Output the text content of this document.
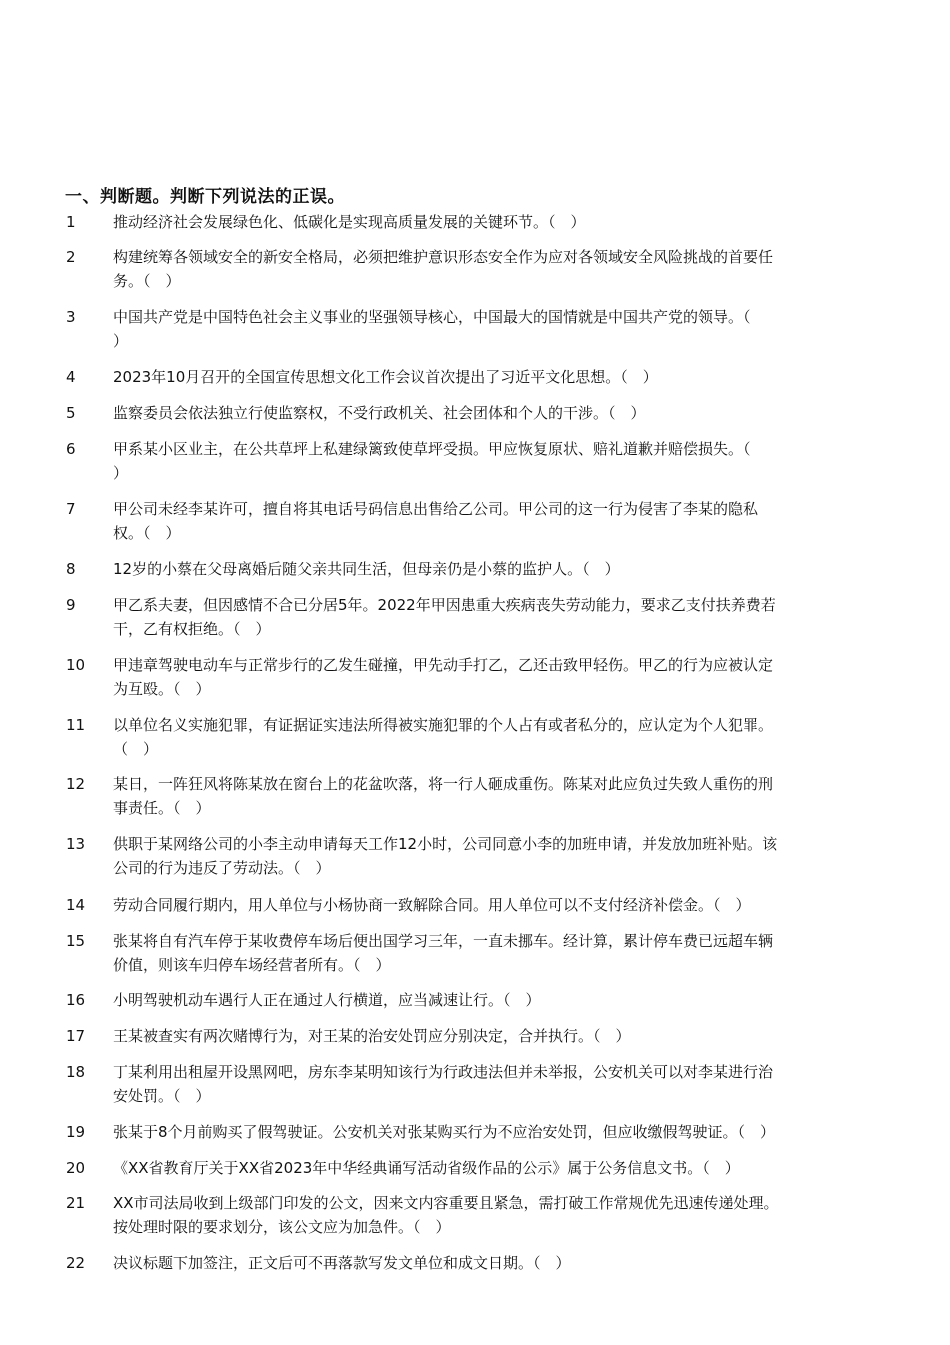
一、判断题。判断下列说法的正误。
1 推动经济社会发展绿色化、低碳化是实现高质量发展的关键环节。（　）
2 构建统筹各领域安全的新安全格局，必须把维护意识形态安全作为应对各领域安全风险挑战的首要任
务。（　）
3 中国共产党是中国特色社会主义事业的坚强领导核心，中国最大的国情就是中国共产党的领导。（
）
4 2023年10月召开的全国宣传思想文化工作会议首次提出了习近平文化思想。（　）
5 监察委员会依法独立行使监察权，不受行政机关、社会团体和个人的干涉。（　）
6 甲系某小区业主，在公共草坪上私建绿篱致使草坪受损。甲应恢复原状、赔礼道歉并赔偿损失。（
）
7 甲公司未经李某许可，擅自将其电话号码信息出售给乙公司。甲公司的这一行为侵害了李某的隐私
权。（　）
8 12岁的小蔡在父母离婚后随父亲共同生活，但母亲仍是小蔡的监护人。（　）
9 甲乙系夫妻，但因感情不合已分居5年。2022年甲因患重大疾病丧失劳动能力，要求乙支付扶养费若
干，乙有权拒绝。（　）
10 甲违章驾驶电动车与正常步行的乙发生碰撞，甲先动手打乙，乙还击致甲轻伤。甲乙的行为应被认定
为互殴。（　）
11 以单位名义实施犯罪，有证据证实违法所得被实施犯罪的个人占有或者私分的，应认定为个人犯罪。
（　）
12 某日，一阵狂风将陈某放在窗台上的花盆吹落，将一行人砸成重伤。陈某对此应负过失致人重伤的刑
事责任。（　）
13 供职于某网络公司的小李主动申请每天工作12小时，公司同意小李的加班申请，并发放加班补贴。该
公司的行为违反了劳动法。（　）
14 劳动合同履行期内，用人单位与小杨协商一致解除合同。用人单位可以不支付经济补偿金。（　）
15 张某将自有汽车停于某收费停车场后便出国学习三年，一直未挪车。经计算，累计停车费已远超车辆
价值，则该车归停车场经营者所有。（　）
16 小明驾驶机动车遇行人正在通过人行横道，应当减速让行。（　）
17 王某被查实有两次赌博行为，对王某的治安处罚应分别决定，合并执行。（　）
18 丁某利用出租屋开设黑网吧，房东李某明知该行为行政违法但并未举报，公安机关可以对李某进行治
安处罚。（　）
19 张某于8个月前购买了假驾驶证。公安机关对张某购买行为不应治安处罚，但应收缴假驾驶证。（　）
20 《XX省教育厅关于XX省2023年中华经典诵写活动省级作品的公示》属于公务信息文书。（　）
21 XX市司法局收到上级部门印发的公文，因来文内容重要且紧急，需打破工作常规优先迅速传递处理。
按处理时限的要求划分，该公文应为加急件。（　）
22 决议标题下加签注，正文后可不再落款写发文单位和成文日期。（　）
